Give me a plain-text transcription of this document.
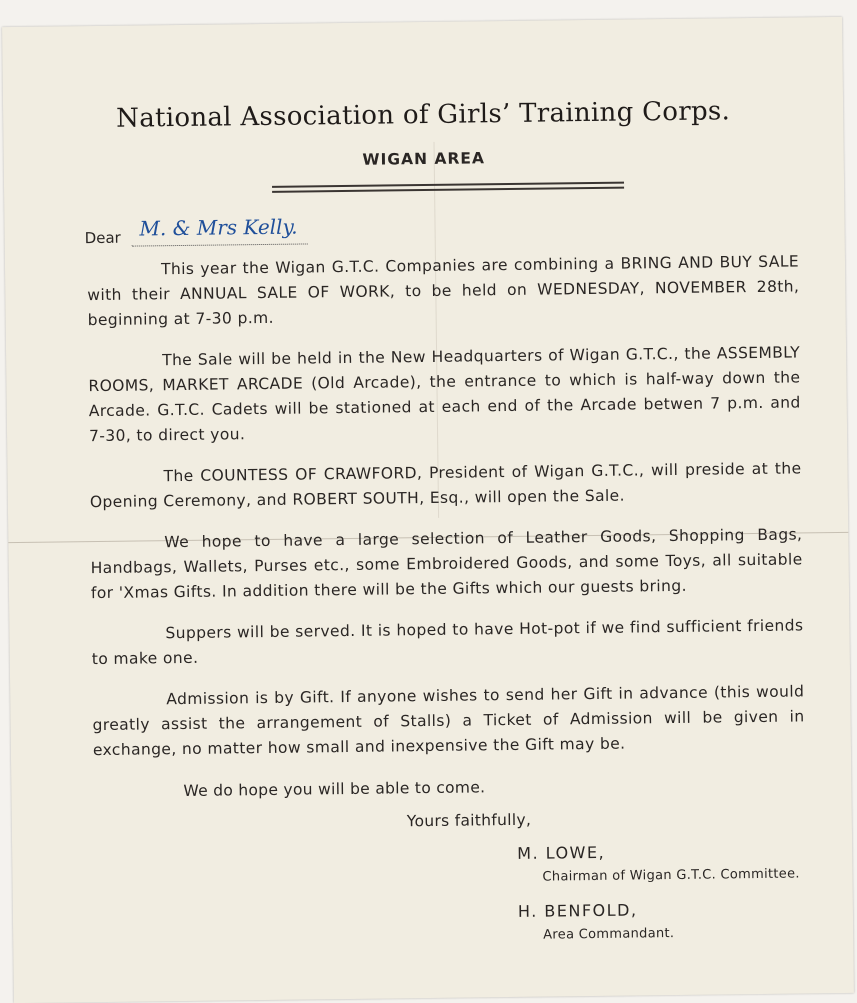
National Association of Girls’ Training Corps.
WIGAN AREA
Dear M. & Mrs Kelly.

This year the Wigan G.T.C. Companies are combining a BRING AND BUY SALE with their ANNUAL SALE OF WORK, to be held on WEDNESDAY, NOVEMBER 28th, beginning at 7-30 p.m.

The Sale will be held in the New Headquarters of Wigan G.T.C., the ASSEMBLY ROOMS, MARKET ARCADE (Old Arcade), the entrance to which is half-way down the Arcade. G.T.C. Cadets will be stationed at each end of the Arcade betwen 7 p.m. and 7-30, to direct you.

The COUNTESS OF CRAWFORD, President of Wigan G.T.C., will preside at the Opening Ceremony, and ROBERT SOUTH, Esq., will open the Sale.

We hope to have a large selection of Leather Goods, Shopping Bags, Handbags, Wallets, Purses etc., some Embroidered Goods, and some Toys, all suitable for 'Xmas Gifts. In addition there will be the Gifts which our guests bring.

Suppers will be served. It is hoped to have Hot-pot if we find sufficient friends to make one.

Admission is by Gift. If anyone wishes to send her Gift in advance (this would greatly assist the arrangement of Stalls) a Ticket of Admission will be given in exchange, no matter how small and inexpensive the Gift may be.

We do hope you will be able to come.
Yours faithfully,
M. LOWE,
Chairman of Wigan G.T.C. Committee.
H. BENFOLD,
Area Commandant.
